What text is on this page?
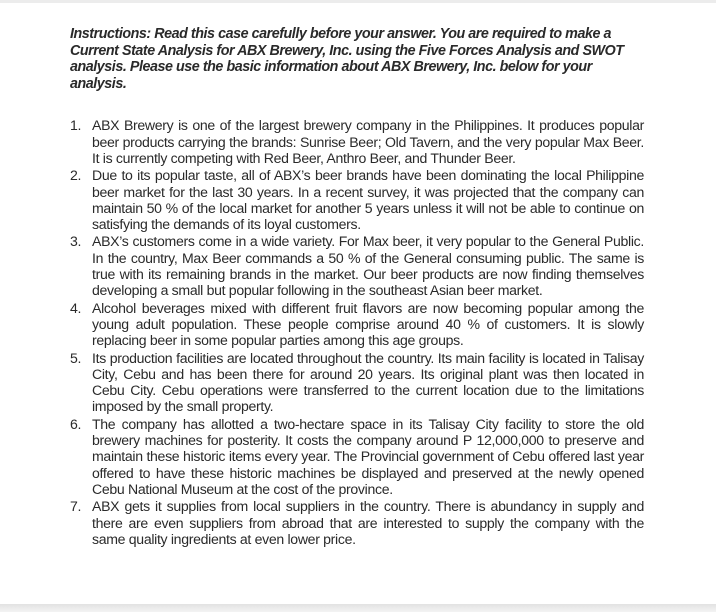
Instructions: Read this case carefully before your answer. You are required to make a Current State Analysis for ABX Brewery, Inc. using the Five Forces Analysis and SWOT analysis. Please use the basic information about ABX Brewery, Inc. below for your analysis.

1. ABX Brewery is one of the largest brewery company in the Philippines. It produces popular beer products carrying the brands: Sunrise Beer; Old Tavern, and the very popular Max Beer. It is currently competing with Red Beer, Anthro Beer, and Thunder Beer.
2. Due to its popular taste, all of ABX’s beer brands have been dominating the local Philippine beer market for the last 30 years. In a recent survey, it was projected that the company can maintain 50 % of the local market for another 5 years unless it will not be able to continue on satisfying the demands of its loyal customers.
3. ABX’s customers come in a wide variety. For Max beer, it very popular to the General Public. In the country, Max Beer commands a 50 % of the General consuming public. The same is true with its remaining brands in the market. Our beer products are now finding themselves developing a small but popular following in the southeast Asian beer market.
4. Alcohol beverages mixed with different fruit flavors are now becoming popular among the young adult population. These people comprise around 40 % of customers. It is slowly replacing beer in some popular parties among this age groups.
5. Its production facilities are located throughout the country. Its main facility is located in Talisay City, Cebu and has been there for around 20 years. Its original plant was then located in Cebu City. Cebu operations were transferred to the current location due to the limitations imposed by the small property.
6. The company has allotted a two-hectare space in its Talisay City facility to store the old brewery machines for posterity. It costs the company around P 12,000,000 to preserve and maintain these historic items every year. The Provincial government of Cebu offered last year offered to have these historic machines be displayed and preserved at the newly opened Cebu National Museum at the cost of the province.
7. ABX gets it supplies from local suppliers in the country. There is abundancy in supply and there are even suppliers from abroad that are interested to supply the company with the same quality ingredients at even lower price.
